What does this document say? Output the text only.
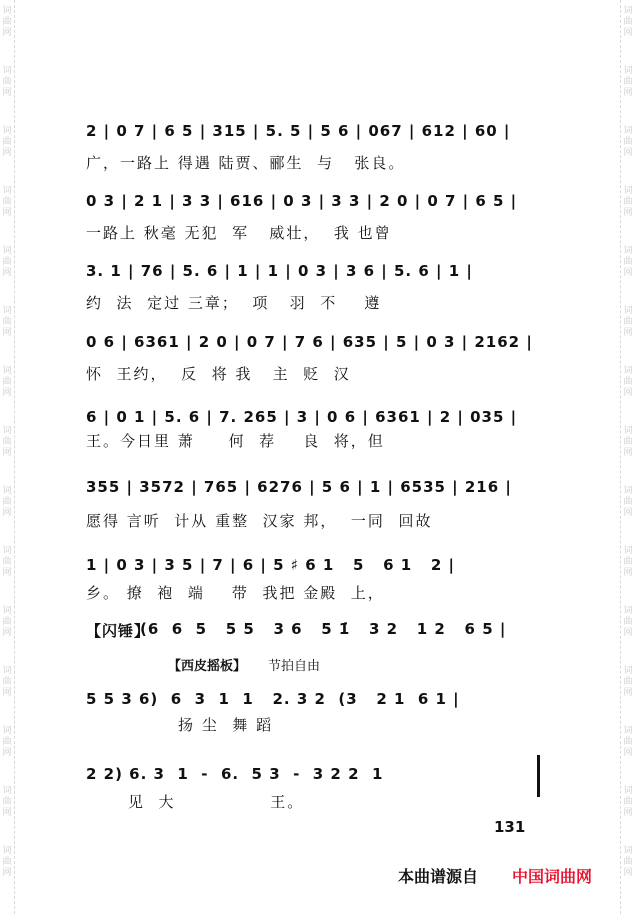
词曲网
词曲网
词曲网
词曲网
词曲网
词曲网
词曲网
词曲网
词曲网
词曲网
词曲网
词曲网
词曲网
词曲网
词曲网
词曲网
词曲网
词曲网
词曲网
词曲网
词曲网
词曲网
词曲网
词曲网
词曲网
词曲网
词曲网
词曲网
词曲网
词曲网
2 | 0 7 | 6 5 | 315 | 5. 5 | 5 6 | 067 | 612 | 60 |
广，一路上 得遇 陆贾、郦生  与   张良。
0 3 | 2 1 | 3 3 | 616 | 0 3 | 3 3 | 2 0 | 0 7 | 6 5 |
一路上 秋毫 无犯  军   威壮，  我 也曾
3. 1 | 76 | 5. 6 | 1 | 1 | 0 3 | 3 6 | 5. 6 | 1 |
约  法  定过 三章；  项   羽  不    遵
0 6 | 6361 | 2 0 | 0 7 | 7 6 | 635 | 5 | 0 3 | 2162 |
怀  王约，  反  将 我   主  贬  汉
6 | 0 1 | 5. 6 | 7. 265 | 3 | 0 6 | 6361 | 2 | 035 |
王。今日里 萧     何  荐    良  将，但
355 | 3572 | 765 | 6276 | 5 6 | 1 | 6535 | 216 |
愿得 言听  计从 重整  汉家 邦，  一同  回故
1 | 0 3 | 3 5 | 7 | 6 | 5 ♯ 6 1   5   6 1   2 |
乡。 撩  袍  端    带  我把 金殿  上，
【闪锤】
(6  6  5   5 5   3 6   5 1̇   3 2   1 2   6 5 |
【西皮摇板】 节拍自由
5 5 3 6)  6  3  1  1   2. 3 2  (3   2 1  6 1 |
扬 尘  舞 蹈
2 2) 6. 3  1  -  6.  5 3  -  3 2 2  1
见  大              王。
131
本曲谱源自 中国词曲网
